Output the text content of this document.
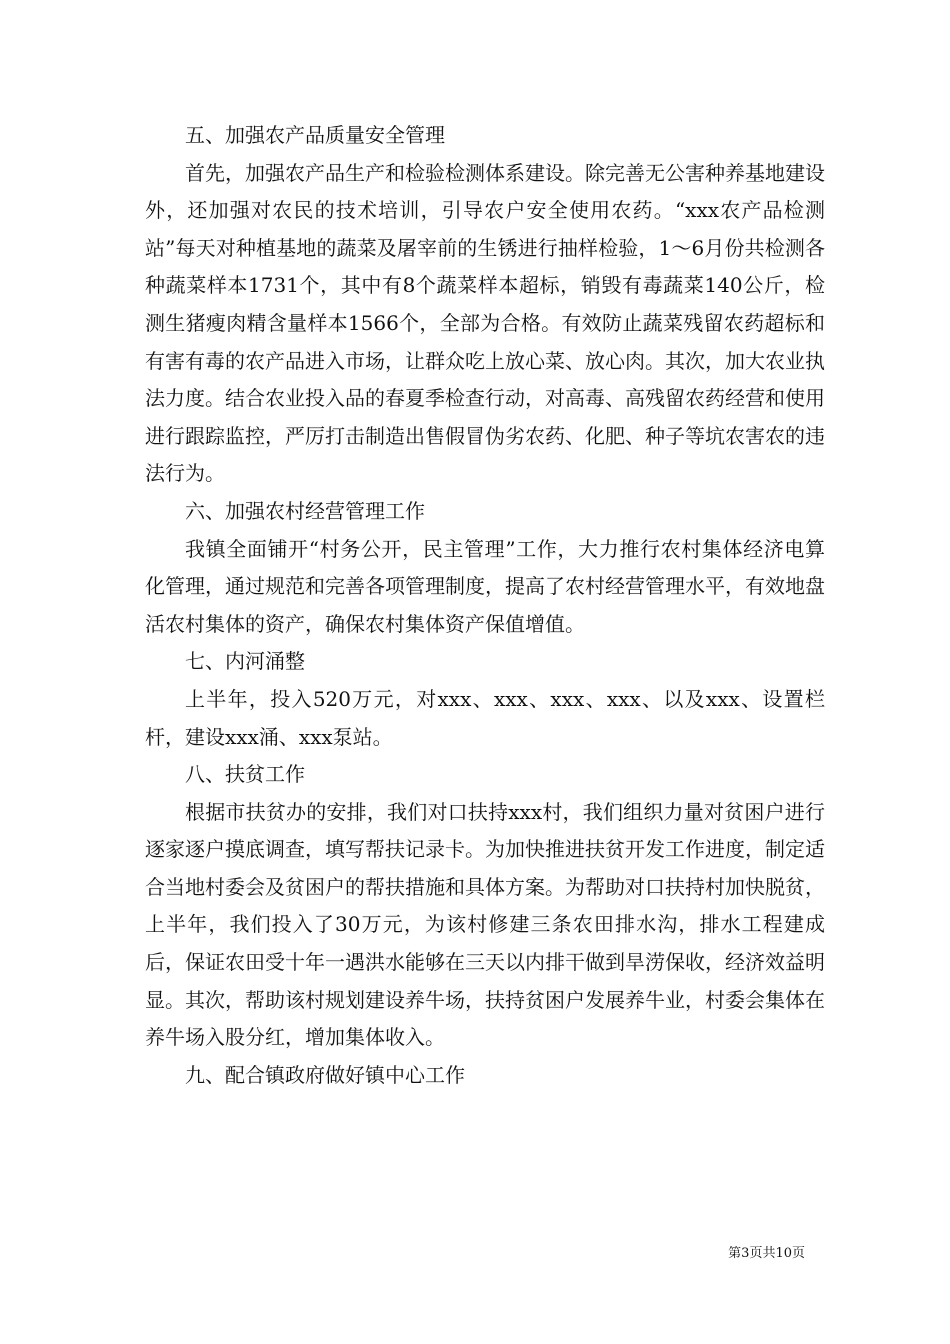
五、加强农产品质量安全管理

首先，加强农产品生产和检验检测体系建设。除完善无公害种养基地建设外，还加强对农民的技术培训，引导农户安全使用农药。“xxx农产品检测站”每天对种植基地的蔬菜及屠宰前的生锈进行抽样检验，1～6月份共检测各种蔬菜样本1731个，其中有8个蔬菜样本超标，销毁有毒蔬菜140公斤，检测生猪瘦肉精含量样本1566个，全部为合格。有效防止蔬菜残留农药超标和有害有毒的农产品进入市场，让群众吃上放心菜、放心肉。其次，加大农业执法力度。结合农业投入品的春夏季检查行动，对高毒、高残留农药经营和使用进行跟踪监控，严厉打击制造出售假冒伪劣农药、化肥、种子等坑农害农的违法行为。

六、加强农村经营管理工作

我镇全面铺开“村务公开，民主管理”工作，大力推行农村集体经济电算化管理，通过规范和完善各项管理制度，提高了农村经营管理水平，有效地盘活农村集体的资产，确保农村集体资产保值增值。

七、内河涌整

上半年，投入520万元，对xxx、xxx、xxx、xxx、以及xxx、设置栏杆，建设xxx涌、xxx泵站。

八、扶贫工作

根据市扶贫办的安排，我们对口扶持xxx村，我们组织力量对贫困户进行逐家逐户摸底调查，填写帮扶记录卡。为加快推进扶贫开发工作进度，制定适合当地村委会及贫困户的帮扶措施和具体方案。为帮助对口扶持村加快脱贫，上半年，我们投入了30万元，为该村修建三条农田排水沟，排水工程建成后，保证农田受十年一遇洪水能够在三天以内排干做到旱涝保收，经济效益明显。其次，帮助该村规划建设养牛场，扶持贫困户发展养牛业，村委会集体在养牛场入股分红，增加集体收入。

九、配合镇政府做好镇中心工作

第3页共10页
